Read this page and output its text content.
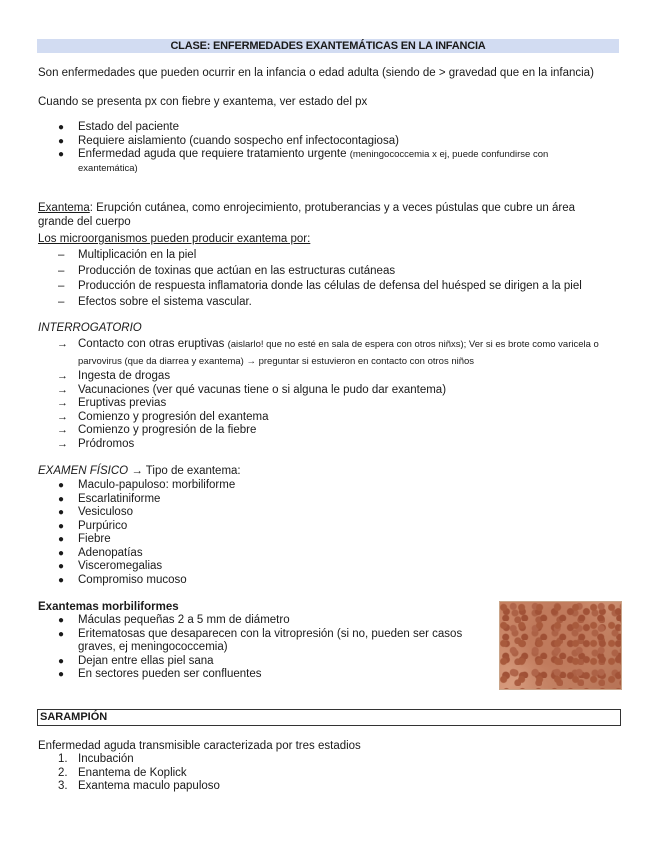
CLASE: ENFERMEDADES EXANTEMÁTICAS EN LA INFANCIA

Son enfermedades que pueden ocurrir en la infancia o edad adulta (siendo de > gravedad que en la infancia)

Cuando se presenta px con fiebre y exantema, ver estado del px

● Estado del paciente
● Requiere aislamiento (cuando sospecho enf infectocontagiosa)
● Enfermedad aguda que requiere tratamiento urgente (meningococcemia x ej, puede confundirse con exantemática)

Exantema: Erupción cutánea, como enrojecimiento, protuberancias y a veces pústulas que cubre un área grande del cuerpo

Los microorganismos pueden producir exantema por:

– Multiplicación en la piel
– Producción de toxinas que actúan en las estructuras cutáneas
– Producción de respuesta inflamatoria donde las células de defensa del huésped se dirigen a la piel
– Efectos sobre el sistema vascular.

INTERROGATORIO

→ Contacto con otras eruptivas (aislarlo! que no esté en sala de espera con otros niñxs); Ver si es brote como varicela o parvovirus (que da diarrea y exantema) → preguntar si estuvieron en contacto con otros niños
→ Ingesta de drogas
→ Vacunaciones (ver qué vacunas tiene o si alguna le pudo dar exantema)
→ Eruptivas previas
→ Comienzo y progresión del exantema
→ Comienzo y progresión de la fiebre
→ Pródromos

EXAMEN FÍSICO → Tipo de exantema:

● Maculo-papuloso: morbiliforme
● Escarlatiniforme
● Vesiculoso
● Purpúrico
● Fiebre
● Adenopatías
● Visceromegalias
● Compromiso mucoso

Exantemas morbiliformes

● Máculas pequeñas 2 a 5 mm de diámetro
● Eritematosas que desaparecen con la vitropresión (si no, pueden ser casos graves, ej meningococcemia)
● Dejan entre ellas piel sana
● En sectores pueden ser confluentes
SARAMPIÓN

Enfermedad aguda transmisible caracterizada por tres estadios

1. Incubación
2. Enantema de Koplick
3. Exantema maculo papuloso
